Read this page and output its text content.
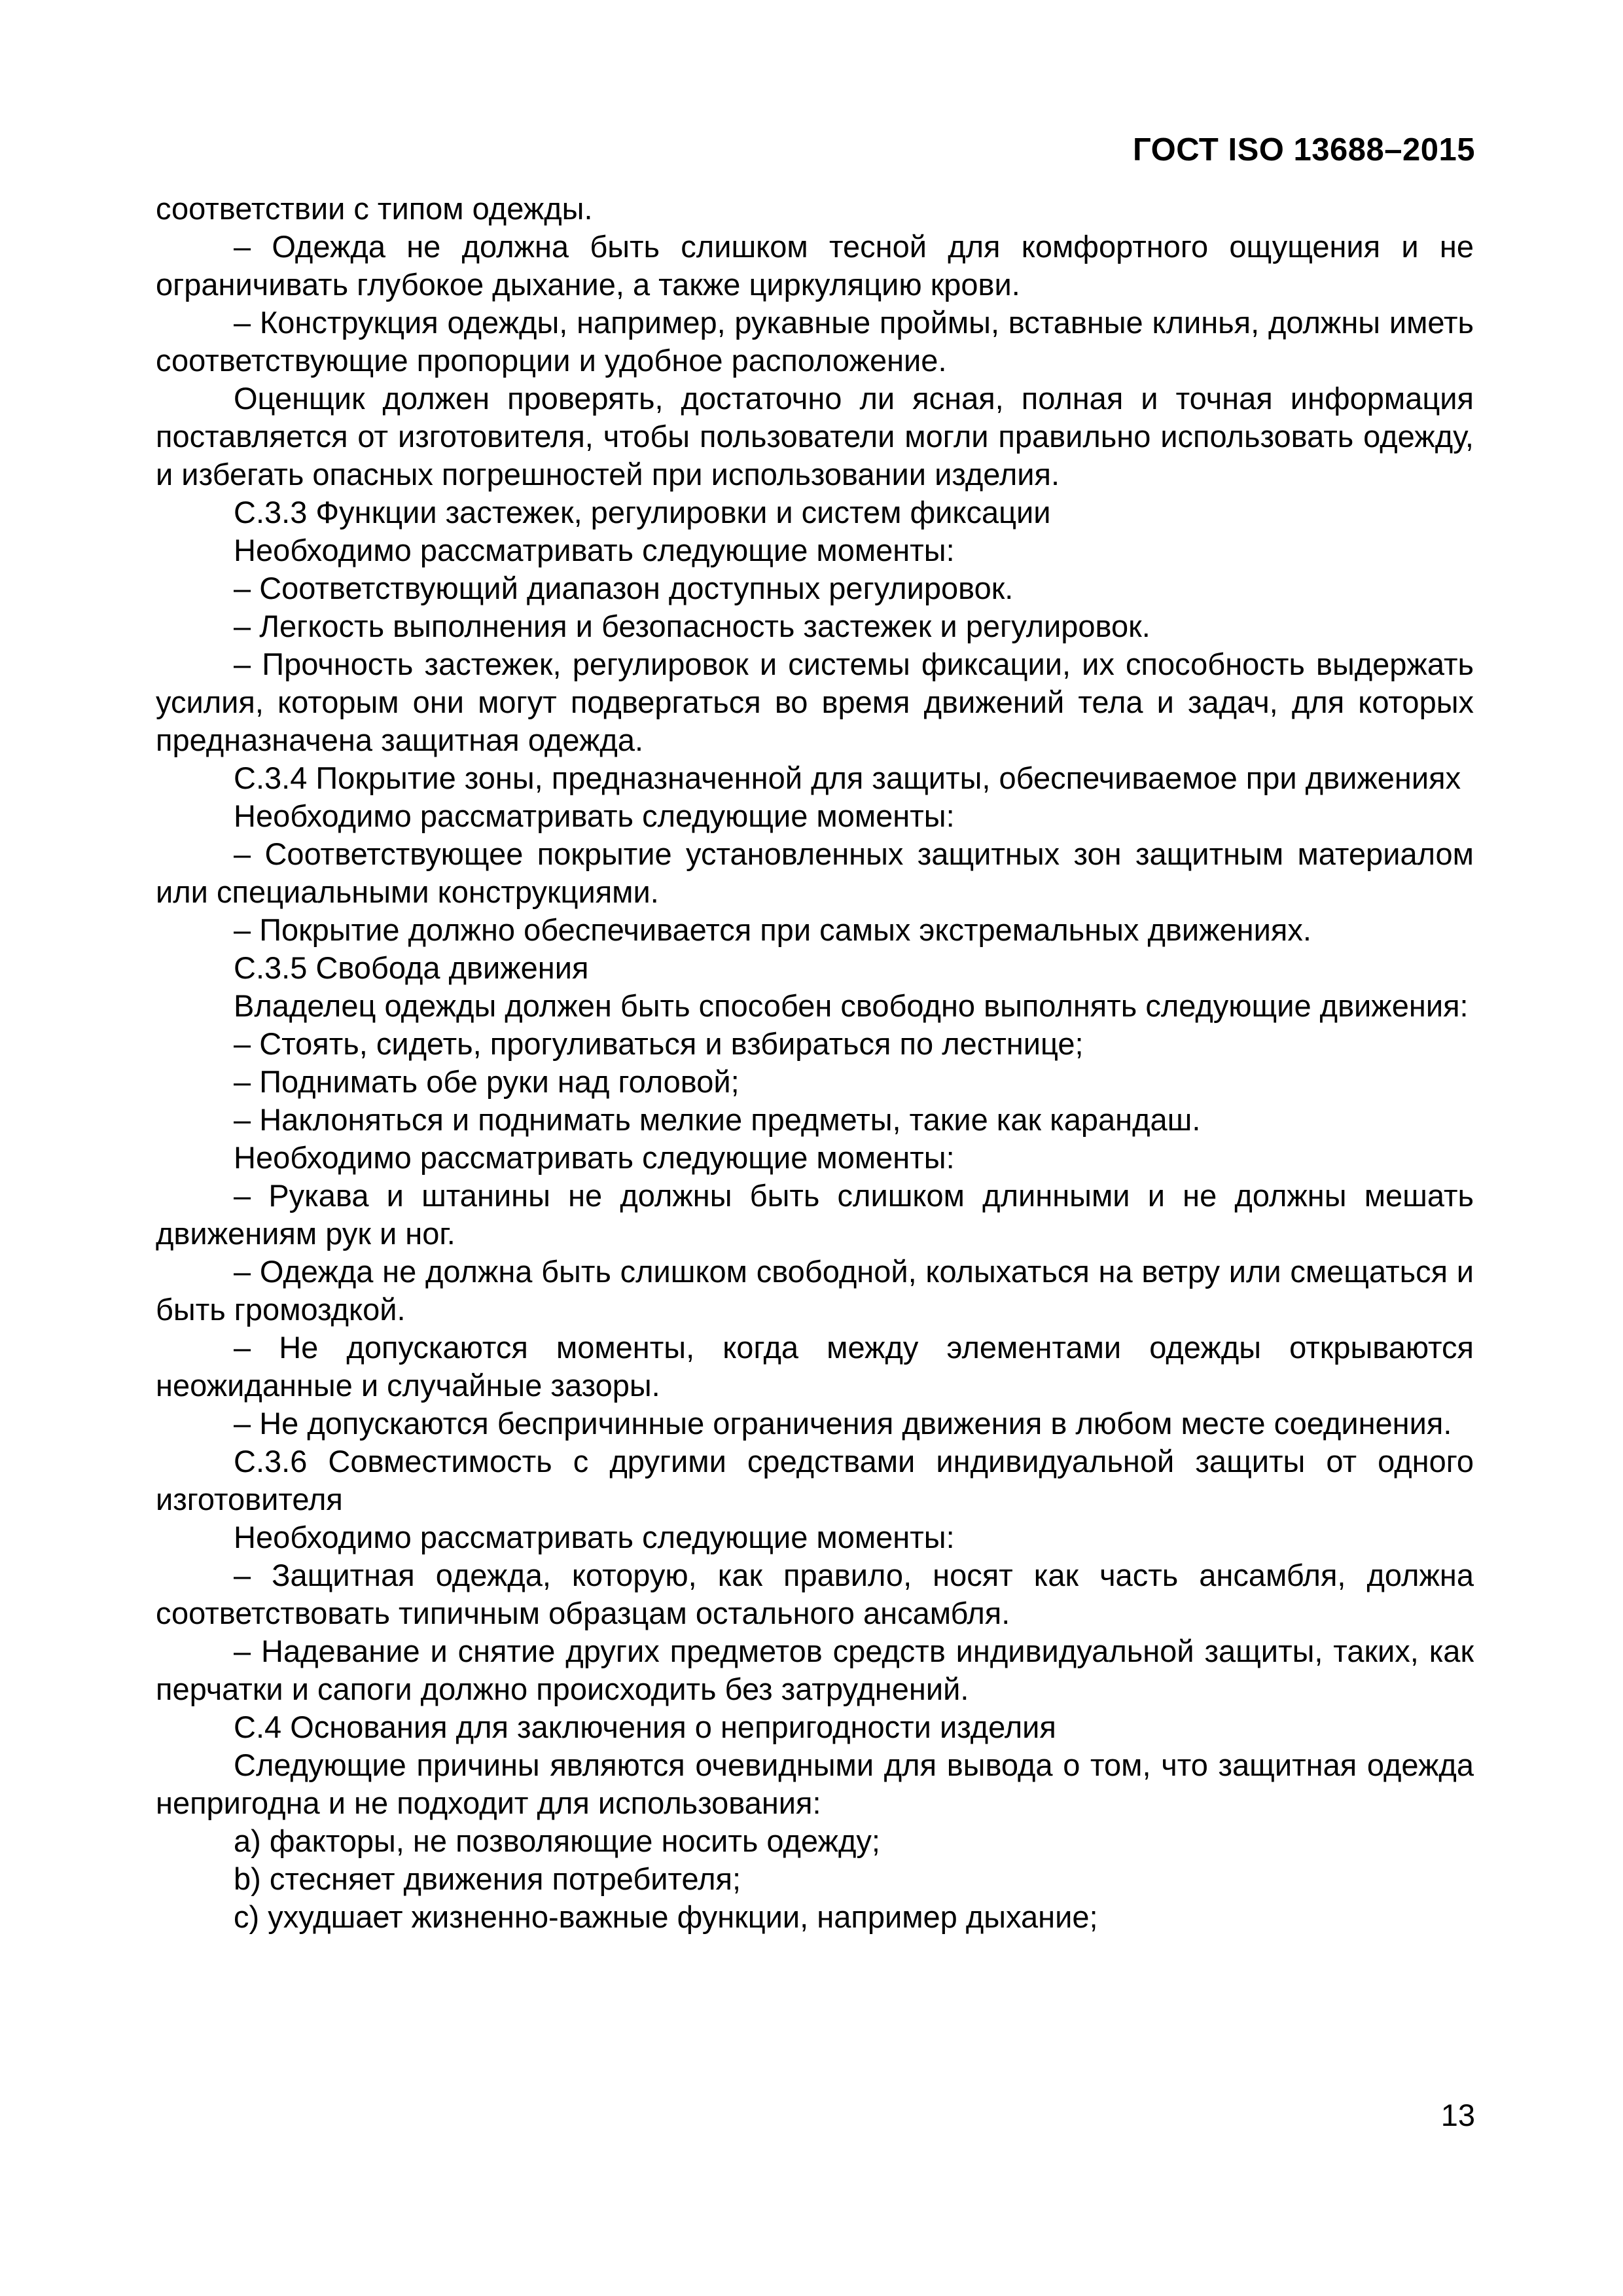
ГОСТ ISO 13688–2015

соответствии с типом одежды.

– Одежда не должна быть слишком тесной для комфортного ощущения и не ограничивать глубокое дыхание, а также циркуляцию крови.

– Конструкция одежды, например, рукавные проймы, вставные клинья, должны иметь соответствующие пропорции и удобное расположение.

Оценщик должен проверять, достаточно ли ясная, полная и точная информация поставляется от изготовителя, чтобы пользователи могли правильно использовать одежду, и избегать опасных погрешностей при использовании изделия.

С.3.3 Функции застежек, регулировки и систем фиксации

Необходимо рассматривать следующие моменты:

– Соответствующий диапазон доступных регулировок.

– Легкость выполнения и безопасность застежек и регулировок.

– Прочность застежек, регулировок и системы фиксации, их способность выдержать усилия, которым они могут подвергаться во время движений тела и задач, для которых предназначена защитная одежда.

С.3.4 Покрытие зоны, предназначенной для защиты, обеспечиваемое при движениях

Необходимо рассматривать следующие моменты:

– Соответствующее покрытие установленных защитных зон защитным материалом или специальными конструкциями.

– Покрытие должно обеспечивается при самых экстремальных движениях.

С.3.5 Свобода движения

Владелец одежды должен быть способен свободно выполнять следующие движения:

– Стоять, сидеть, прогуливаться и взбираться по лестнице;

– Поднимать обе руки над головой;

– Наклоняться и поднимать мелкие предметы, такие как карандаш.

Необходимо рассматривать следующие моменты:

– Рукава и штанины не должны быть слишком длинными и не должны мешать движениям рук и ног.

– Одежда не должна быть слишком свободной, колыхаться на ветру или смещаться и быть громоздкой.

– Не допускаются моменты, когда между элементами одежды открываются неожиданные и случайные зазоры.

– Не допускаются беспричинные ограничения движения в любом месте соединения.

С.3.6 Совместимость с другими средствами индивидуальной защиты от одного изготовителя

Необходимо рассматривать следующие моменты:

– Защитная одежда, которую, как правило, носят как часть ансамбля, должна соответствовать типичным образцам остального ансамбля.

– Надевание и снятие других предметов средств индивидуальной защиты, таких, как перчатки и сапоги должно происходить без затруднений.

С.4 Основания для заключения о непригодности изделия

Следующие причины являются очевидными для вывода о том, что защитная одежда непригодна и не подходит для использования:

a) факторы, не позволяющие носить одежду;

b) стесняет движения потребителя;

c) ухудшает жизненно-важные функции, например дыхание;

13
